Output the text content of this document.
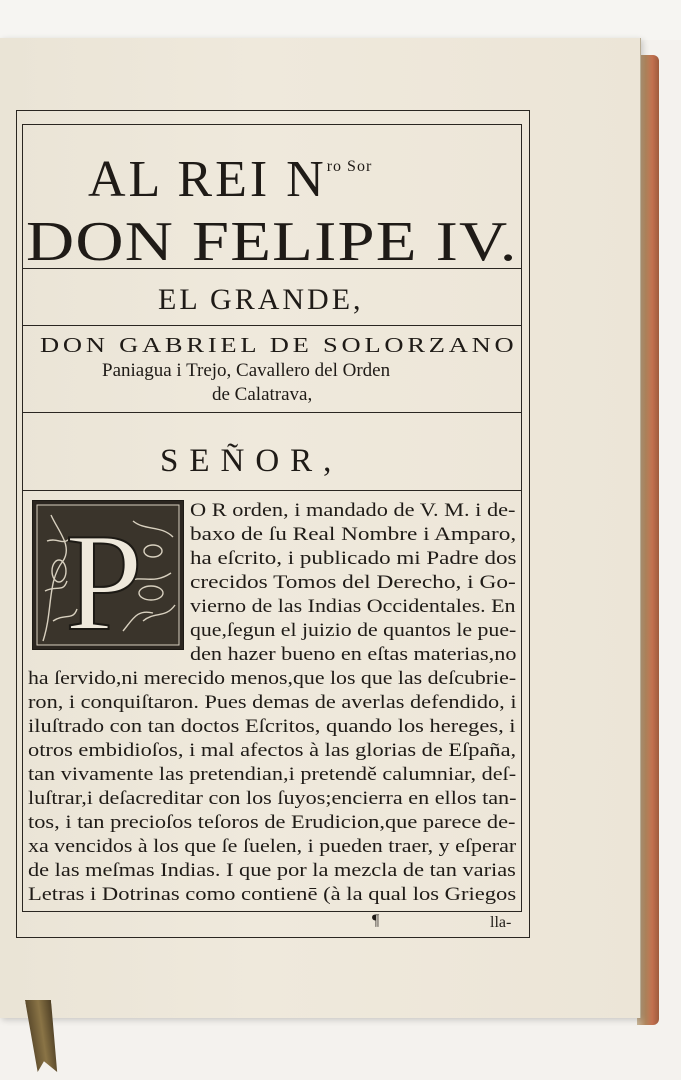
AL REI $N^{ro Sor}$
DON FELIPE IV.
EL GRANDE,
DON GABRIEL DE SOLORZANO
Paniagua i Trejo, Cavallero del Orden
de Calatrava,
SEÑOR,
P O R orden, i mandado de V. M. i de-
baxo de ſu Real Nombre i Amparo,
ha eſcrito, i publicado mi Padre dos
crecidos Tomos del Derecho, i Go-
vierno de las Indias Occidentales. En
que,ſegun el juizio de quantos le pue-
den hazer bueno en eſtas materias,no
ha ſervido,ni merecido menos,que los que las deſcubrie-
ron, i conquiſtaron. Pues demas de averlas defendido, i
iluſtrado con tan doctos Eſcritos, quando los hereges, i
otros embidioſos, i mal afectos à las glorias de Eſpaña,
tan vivamente las pretendian,i pretendě calumniar, deſ-
luſtrar,i deſacreditar con los ſuyos;encierra en ellos tan-
tos, i tan precioſos teſoros de Erudicion,que parece de-
xa vencidos à los que ſe ſuelen, i pueden traer, y eſperar
de las meſmas Indias. I que por la mezcla de tan varias
Letras i Dotrinas como contienē (à la qual los Griegos
¶	lla-
